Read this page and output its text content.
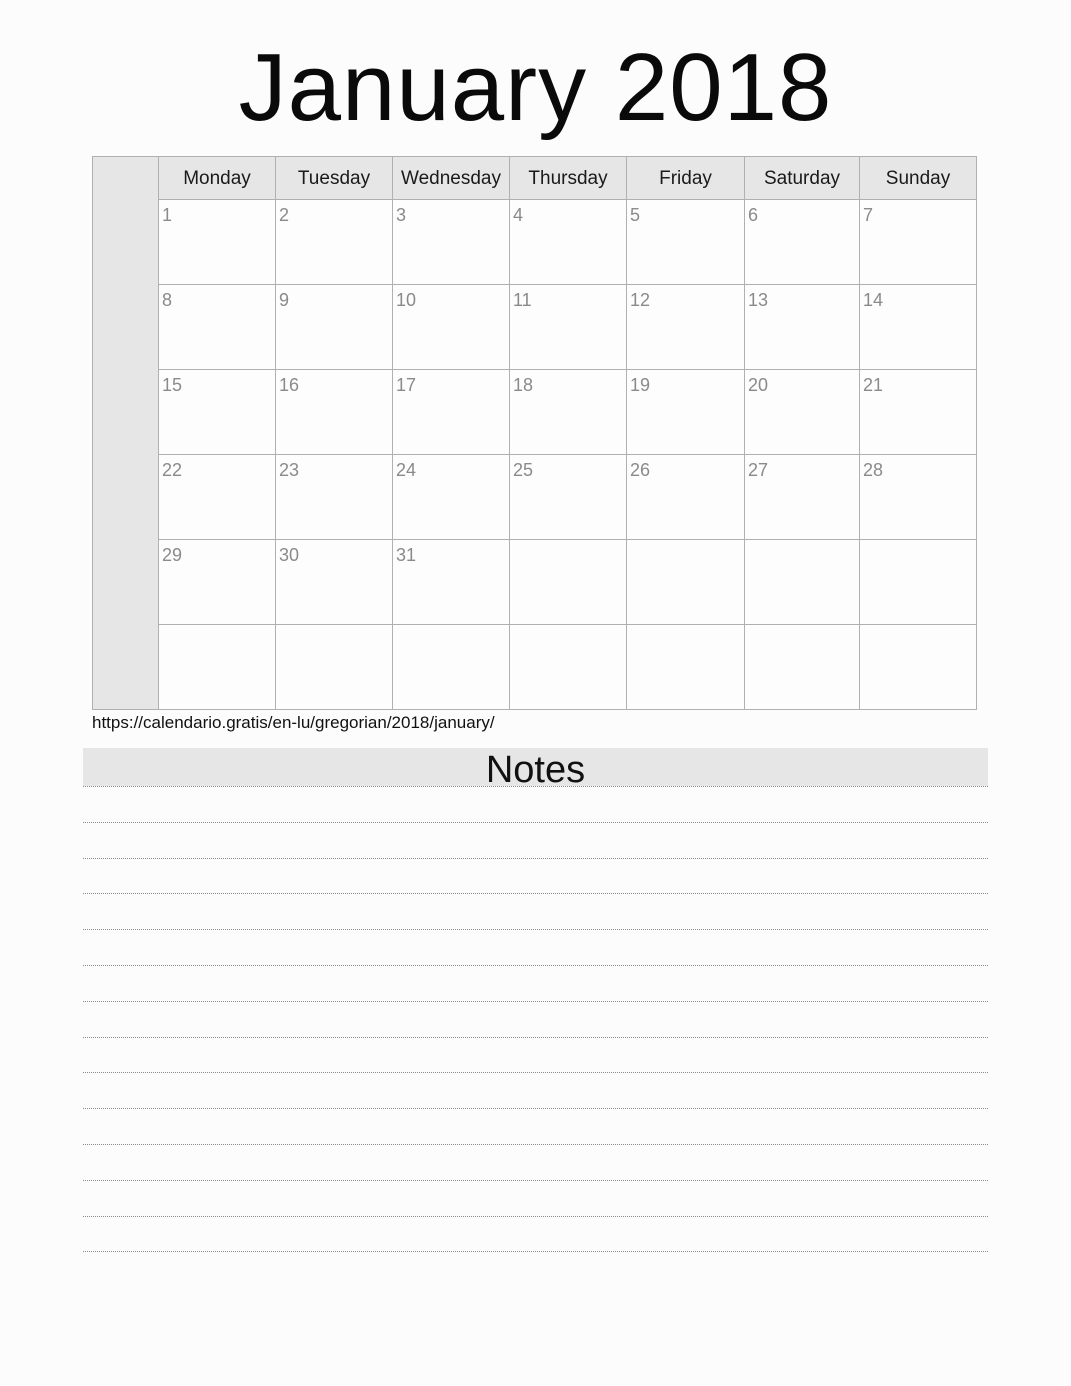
January 2018
Monday	Tuesday	Wednesday	Thursday	Friday	Saturday	Sunday
1	2	3	4	5	6	7
8	9	10	11	12	13	14
15	16	17	18	19	20	21
22	23	24	25	26	27	28
29	30	31
https://calendario.gratis/en-lu/gregorian/2018/january/
Notes
